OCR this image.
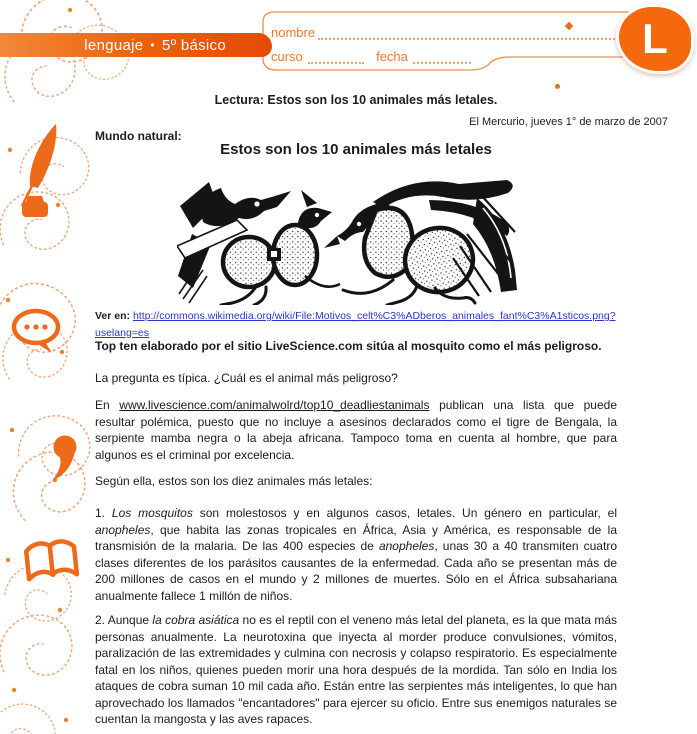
lenguaje • 5º básico
nombre
curso	fecha	L
Lectura: Estos son los 10 animales más letales.
El Mercurio, jueves 1° de marzo de 2007
Mundo natural:
Estos son los 10 animales más letales
Ver en: http://commons.wikimedia.org/wiki/File:Motivos_celt%C3%ADberos_animales_fant%C3%A1sticos.png?uselang=es
Top ten elaborado por el sitio LiveScience.com sitúa al mosquito como el más peligroso.
La pregunta es típica. ¿Cuál es el animal más peligroso?
En www.livescience.com/animalwolrd/top10_deadliestanimals publican una lista que puede resultar polémica, puesto que no incluye a asesinos declarados como el tigre de Bengala, la serpiente mamba negra o la abeja africana. Tampoco toma en cuenta al hombre, que para algunos es el criminal por excelencia.
Según ella, estos son los diez animales más letales:
1. Los mosquitos son molestosos y en algunos casos, letales. Un género en particular, el anopheles, que habita las zonas tropicales en África, Asia y América, es responsable de la transmisión de la malaria. De las 400 especies de anopheles, unas 30 a 40 transmiten cuatro clases diferentes de los parásitos causantes de la enfermedad. Cada año se presentan más de 200 millones de casos en el mundo y 2 millones de muertes. Sólo en el África subsahariana anualmente fallece 1 millón de niños.
2. Aunque la cobra asiática no es el reptil con el veneno más letal del planeta, es la que mata más personas anualmente. La neurotoxina que inyecta al morder produce convulsiones, vómitos, paralización de las extremidades y culmina con necrosis y colapso respiratorio. Es especialmente fatal en los niños, quienes pueden morir una hora después de la mordida. Tan sólo en India los ataques de cobra suman 10 mil cada año. Están entre las serpientes más inteligentes, lo que han aprovechado los llamados "encantadores" para ejercer su oficio. Entre sus enemigos naturales se cuentan la mangosta y las aves rapaces.
